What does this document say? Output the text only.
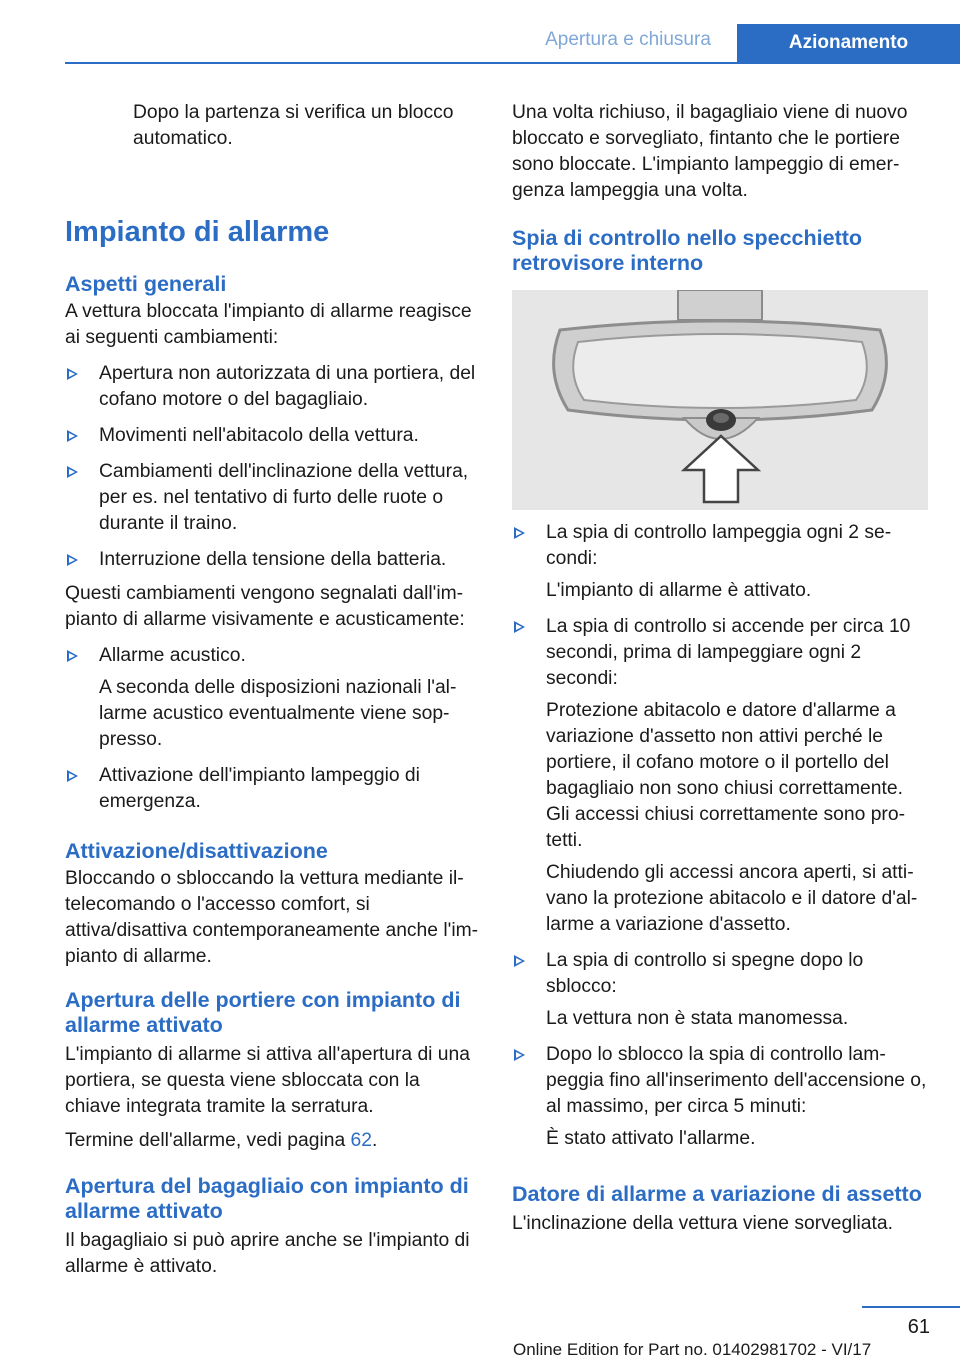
Apertura e chiusura	Azionamento

Dopo la partenza si verifica un blocco automatico.

Impianto di allarme
Aspetti generali

A vettura bloccata l'impianto di allarme reagisce ai seguenti cambiamenti:

Apertura non autorizzata di una portiera, del cofano motore o del bagagliaio.

Movimenti nell'abitacolo della vettura.

Cambiamenti dell'inclinazione della vettura, per es. nel tentativo di furto delle ruote o durante il traino.

Interruzione della tensione della batteria.

Questi cambiamenti vengono segnalati dall'impianto di allarme visivamente e acusticamente:

Allarme acustico.

A seconda delle disposizioni nazionali l'allarme acustico eventualmente viene soppresso.

Attivazione dell'impianto lampeggio di emergenza.

Attivazione/disattivazione

Bloccando o sbloccando la vettura mediante iltelecomando o l'accesso comfort, si attiva/disattiva contemporaneamente anche l'impianto di allarme.

Apertura delle portiere con impianto di allarme attivato

L'impianto di allarme si attiva all'apertura di una portiera, se questa viene sbloccata con la chiave integrata tramite la serratura.

Termine dell'allarme, vedi pagina 62.

Apertura del bagagliaio con impianto di allarme attivato

Il bagagliaio si può aprire anche se l'impianto di allarme è attivato.

Una volta richiuso, il bagagliaio viene di nuovo bloccato e sorvegliato, fintanto che le portiere sono bloccate. L'impianto lampeggio di emergenza lampeggia una volta.

Spia di controllo nello specchietto retrovisore interno

La spia di controllo lampeggia ogni 2 secondi:

L'impianto di allarme è attivato.

La spia di controllo si accende per circa 10 secondi, prima di lampeggiare ogni 2 secondi:

Protezione abitacolo e datore d'allarme a variazione d'assetto non attivi perché le portiere, il cofano motore o il portello del bagagliaio non sono chiusi correttamente. Gli accessi chiusi correttamente sono protetti.

Chiudendo gli accessi ancora aperti, si attivano la protezione abitacolo e il datore d'allarme a variazione d'assetto.

La spia di controllo si spegne dopo lo sblocco:

La vettura non è stata manomessa.

Dopo lo sblocco la spia di controllo lampeggia fino all'inserimento dell'accensione o, al massimo, per circa 5 minuti:

È stato attivato l'allarme.

Datore di allarme a variazione di assetto

L'inclinazione della vettura viene sorvegliata.

61
Online Edition for Part no. 01402981702 - VI/17
